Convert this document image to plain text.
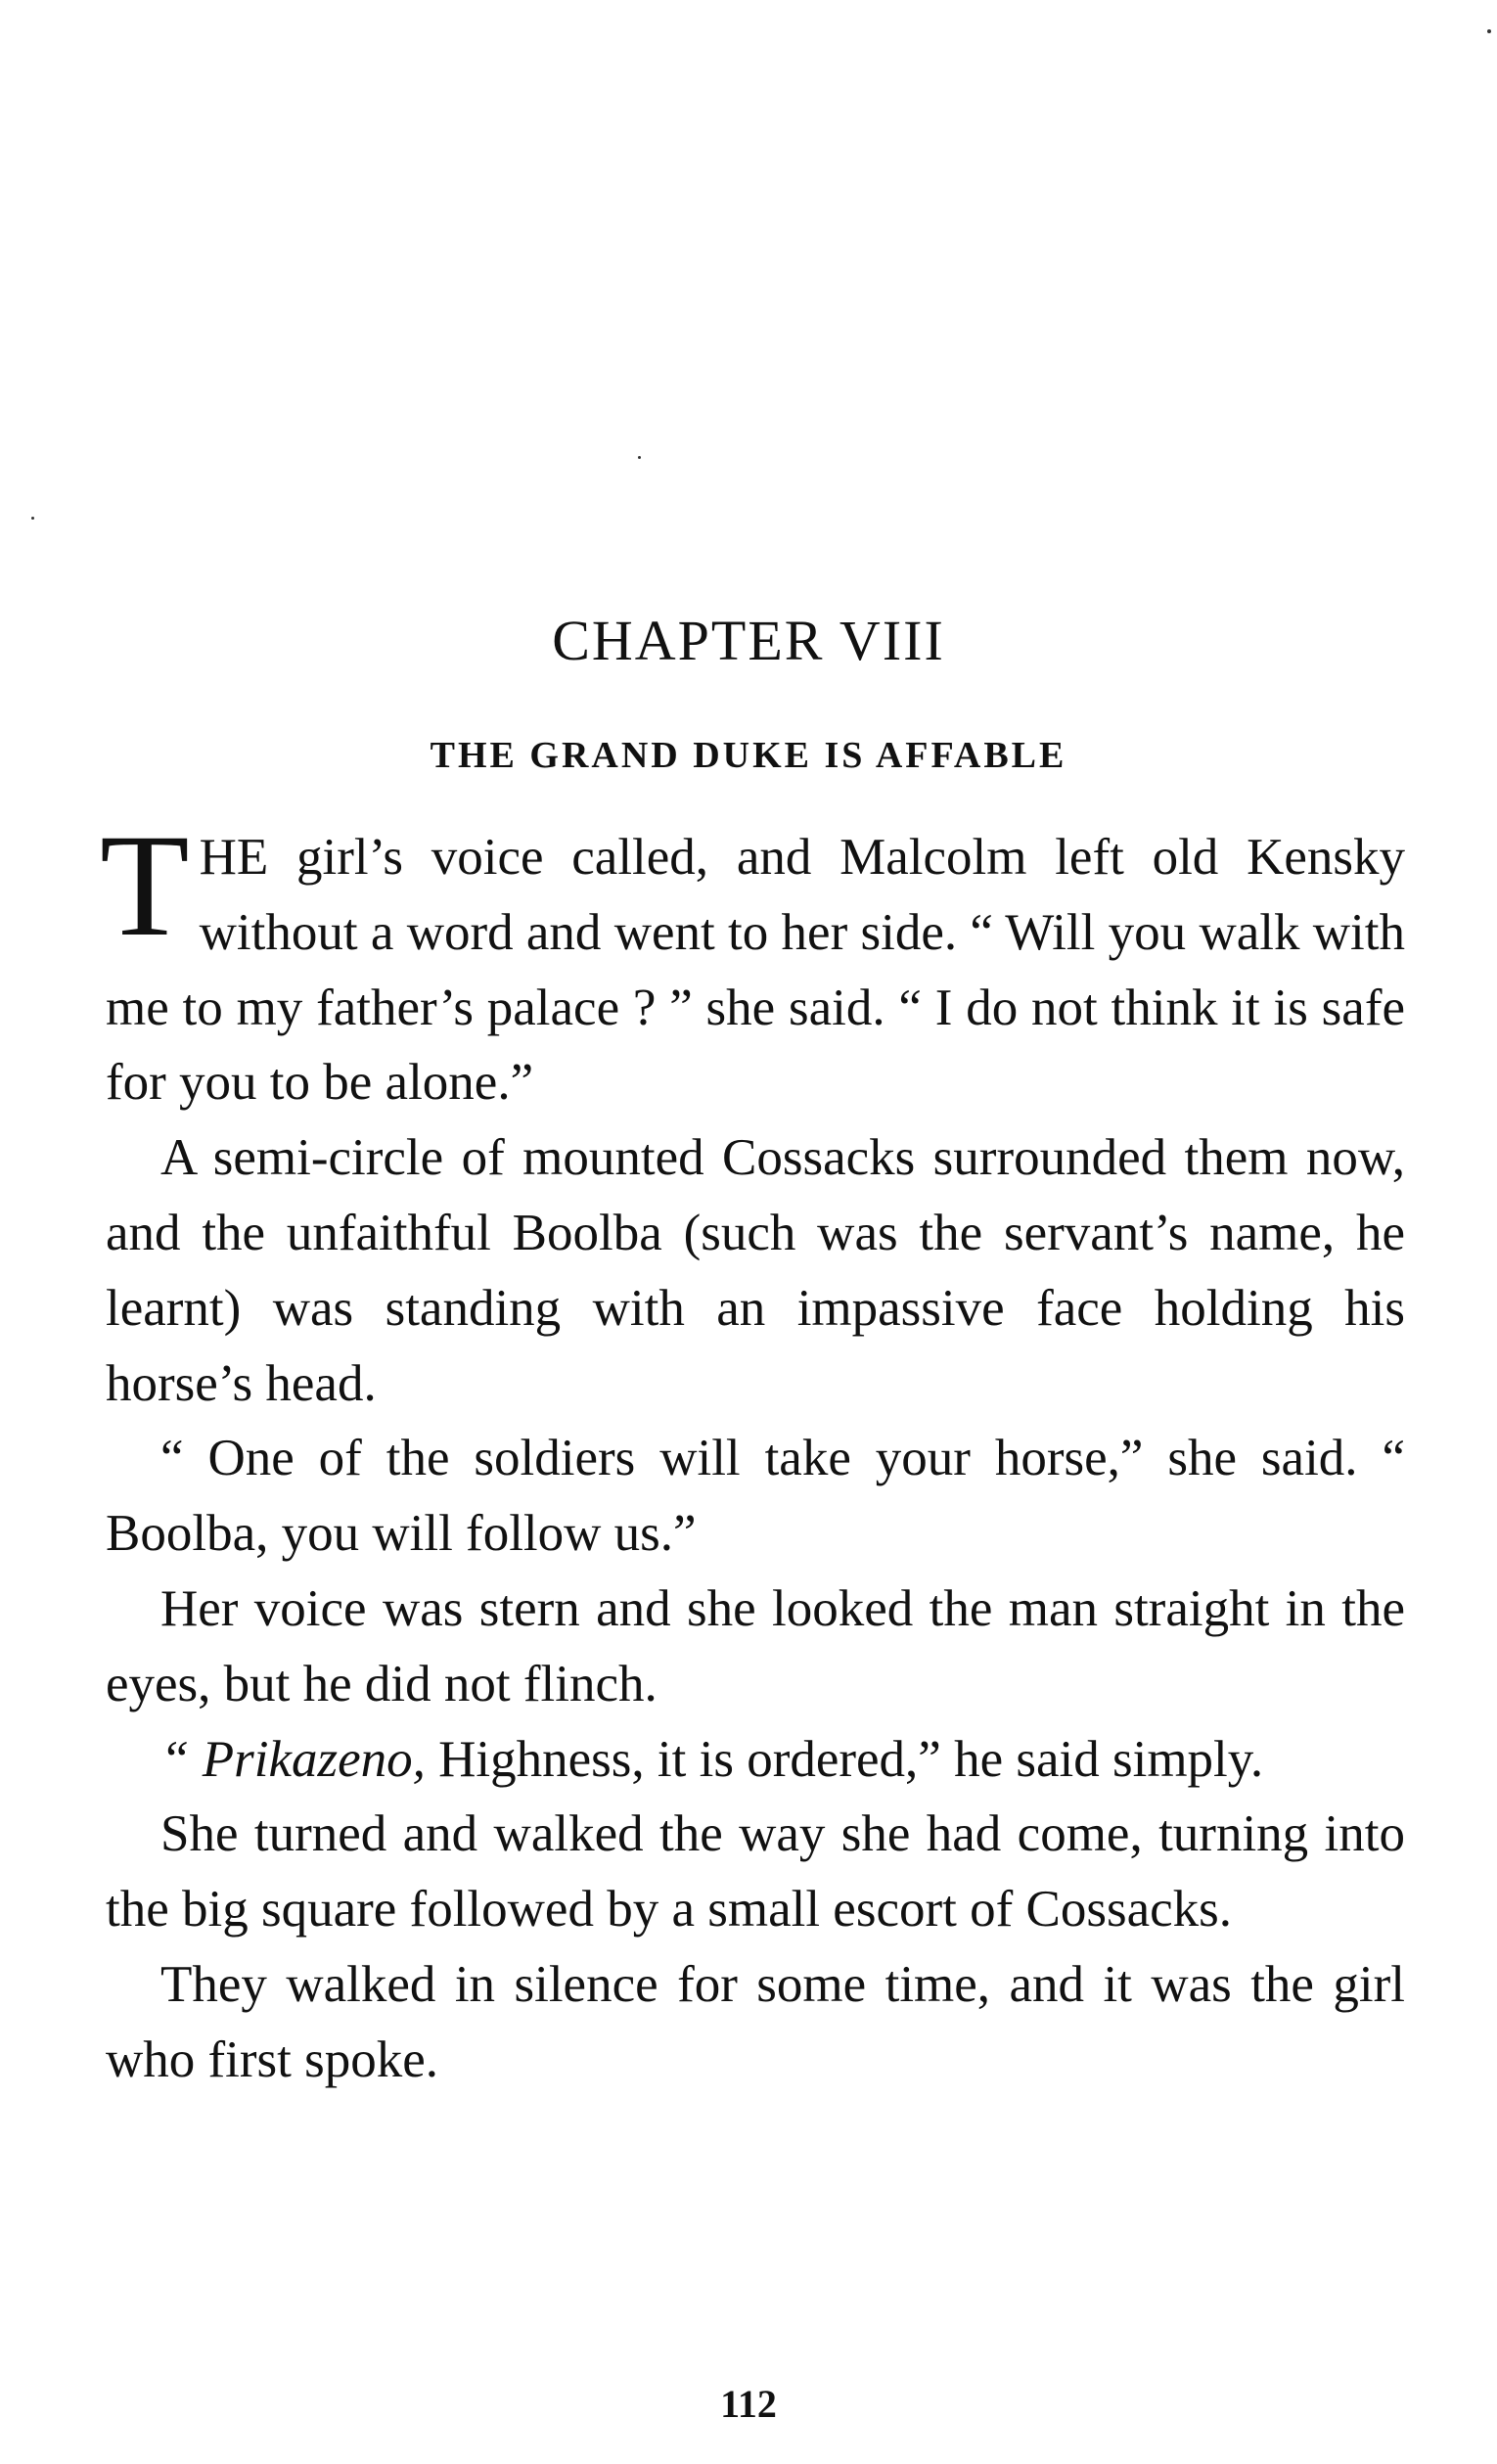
CHAPTER VIII
THE GRAND DUKE IS AFFABLE

THE girl’s voice called, and Malcolm left old Kensky without a word and went to her side. “ Will you walk with me to my father’s palace ? ” she said. “ I do not think it is safe for you to be alone.”

A semi-circle of mounted Cossacks surrounded them now, and the unfaithful Boolba (such was the servant’s name, he learnt) was standing with an impassive face holding his horse’s head.

“ One of the soldiers will take your horse,” she said. “ Boolba, you will follow us.”

Her voice was stern and she looked the man straight in the eyes, but he did not flinch.

“ Prikazeno, Highness, it is ordered,” he said simply.

She turned and walked the way she had come, turning into the big square followed by a small escort of Cossacks.

They walked in silence for some time, and it was the girl who first spoke.

112
